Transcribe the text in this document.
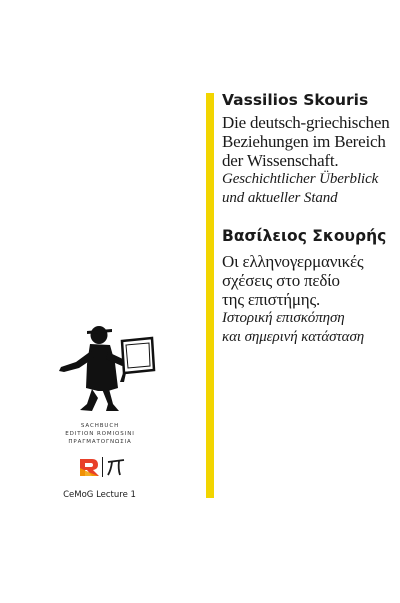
Vassilios Skouris
Die deutsch-griechischen
Beziehungen im Bereich
der Wissenschaft.
Geschichtlicher Überblick
und aktueller Stand
Βασίλειος Σκουρής
Οι ελληνογερμανικές
σχέσεις στο πεδίο
της επιστήμης.
Ιστορική επισκόπηση
και σημερινή κατάσταση
SACHBUCH
EDITION ROMIOSINI
ΠΡΑΓΜΑΤΟΓΝΩΣΙΑ
CeMoG Lecture 1
